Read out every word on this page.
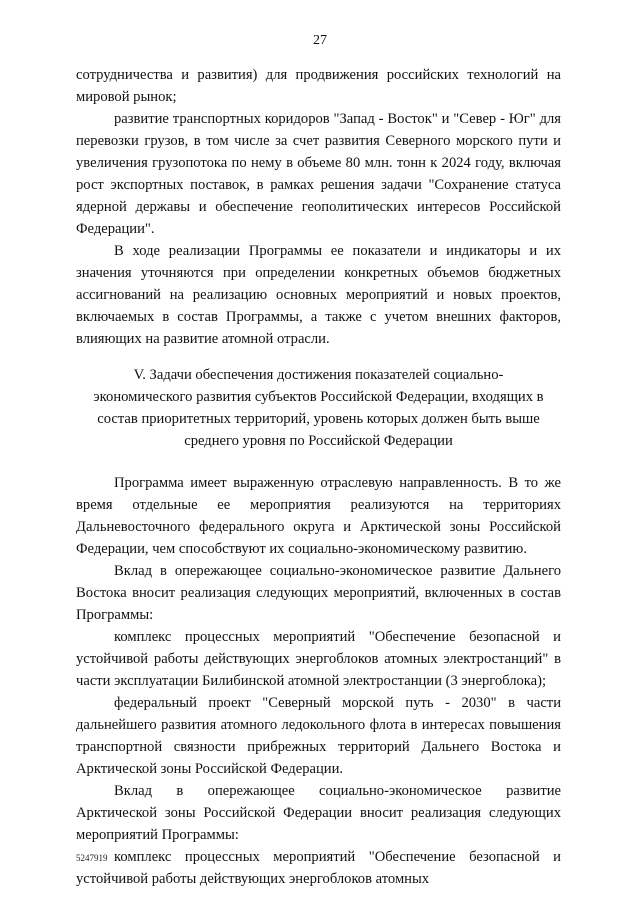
27

сотрудничества и развития) для продвижения российских технологий на мировой рынок;

развитие транспортных коридоров "Запад - Восток" и "Север - Юг" для перевозки грузов, в том числе за счет развития Северного морского пути и увеличения грузопотока по нему в объеме 80 млн. тонн к 2024 году, включая рост экспортных поставок, в рамках решения задачи "Сохранение статуса ядерной державы и обеспечение геополитических интересов Российской Федерации".

В ходе реализации Программы ее показатели и индикаторы и их значения уточняются при определении конкретных объемов бюджетных ассигнований на реализацию основных мероприятий и новых проектов, включаемых в состав Программы, а также с учетом внешних факторов, влияющих на развитие атомной отрасли.

V. Задачи обеспечения достижения показателей социально-экономического развития субъектов Российской Федерации, входящих в состав приоритетных территорий, уровень которых должен быть выше среднего уровня по Российской Федерации

Программа имеет выраженную отраслевую направленность. В то же время отдельные ее мероприятия реализуются на территориях Дальневосточного федерального округа и Арктической зоны Российской Федерации, чем способствуют их социально-экономическому развитию.

Вклад в опережающее социально-экономическое развитие Дальнего Востока вносит реализация следующих мероприятий, включенных в состав Программы:

комплекс процессных мероприятий "Обеспечение безопасной и устойчивой работы действующих энергоблоков атомных электростанций" в части эксплуатации Билибинской атомной электростанции (3 энергоблока);

федеральный проект "Северный морской путь - 2030" в части дальнейшего развития атомного ледокольного флота в интересах повышения транспортной связности прибрежных территорий Дальнего Востока и Арктической зоны Российской Федерации.

Вклад в опережающее социально-экономическое развитие Арктической зоны Российской Федерации вносит реализация следующих мероприятий Программы:

комплекс процессных мероприятий "Обеспечение безопасной и устойчивой работы действующих энергоблоков атомных

5247919
